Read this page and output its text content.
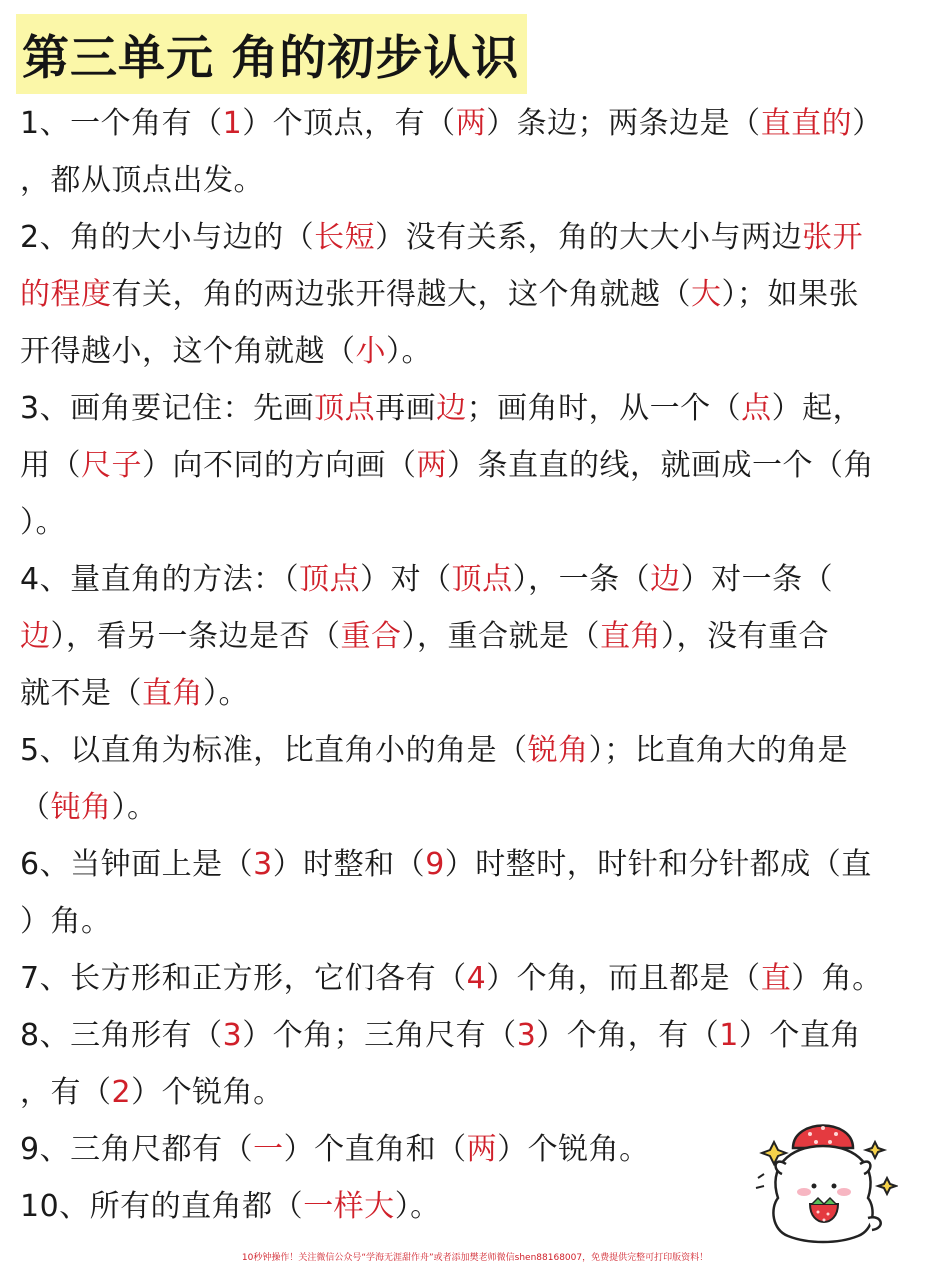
第三单元 角的初步认识
1、一个角有（1）个顶点，有（两）条边；两条边是（直直的）
，都从顶点出发。
2、角的大小与边的（长短）没有关系，角的大大小与两边张开
的程度有关，角的两边张开得越大，这个角就越（大）；如果张
开得越小，这个角就越（小）。
3、画角要记住：先画顶点再画边；画角时，从一个（点）起，
用（尺子）向不同的方向画（两）条直直的线，就画成一个（角
）。
4、量直角的方法：（顶点）对（顶点），一条（边）对一条（
边），看另一条边是否（重合），重合就是（直角），没有重合
就不是（直角）。
5、以直角为标准，比直角小的角是（锐角）；比直角大的角是
（钝角）。
6、当钟面上是（3）时整和（9）时整时，时针和分针都成（直
）角。
7、长方形和正方形，它们各有（4）个角，而且都是（直）角。
8、三角形有（3）个角；三角尺有（3）个角，有（1）个直角
，有（2）个锐角。
9、三角尺都有（一）个直角和（两）个锐角。
10、所有的直角都（一样大）。
10秒钟操作！关注微信公众号“学海无涯甜作舟”或者添加樊老师微信shen88168007，免费提供完整可打印版资料！
